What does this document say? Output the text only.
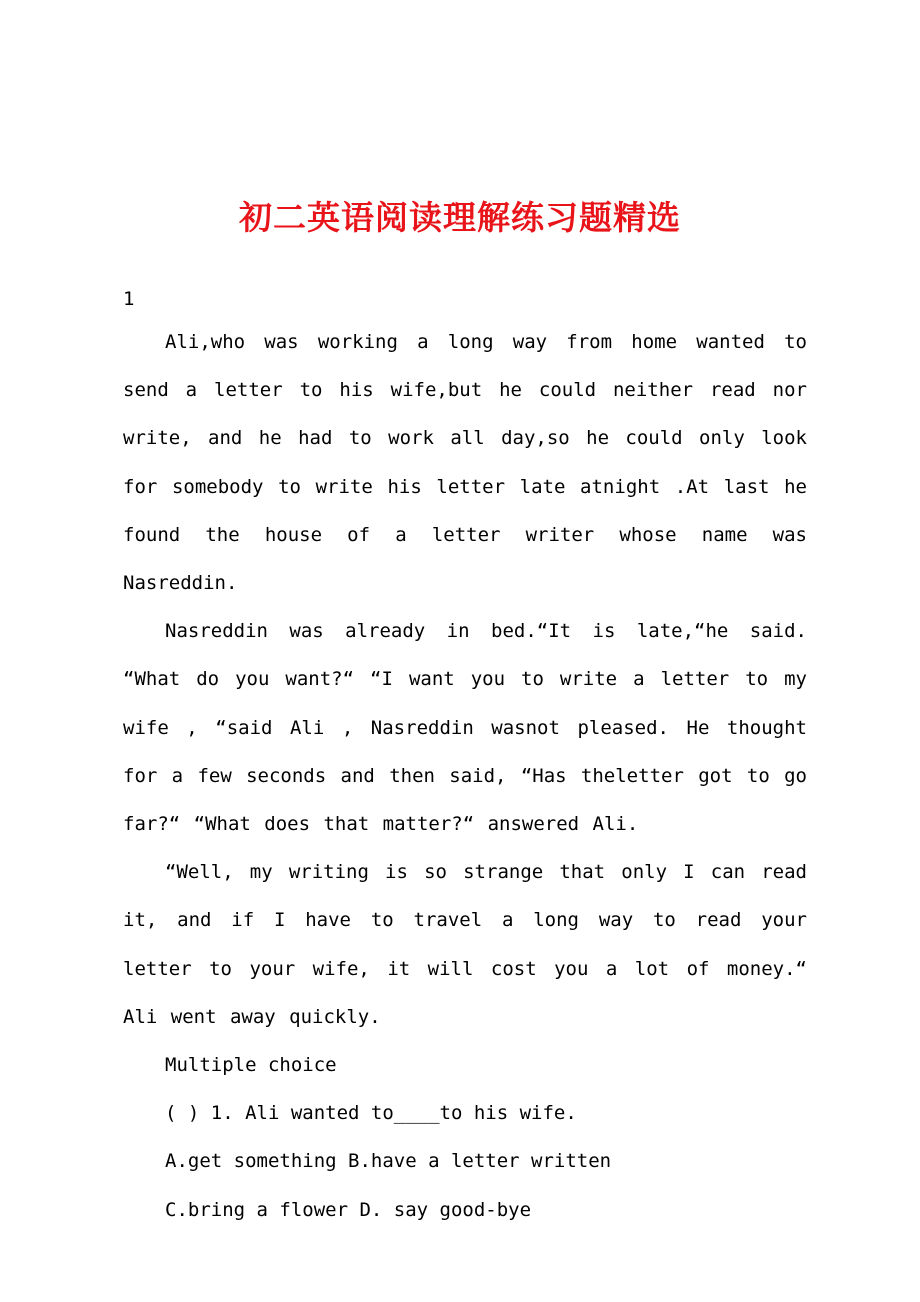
初二英语阅读理解练习题精选

1

Ali,who was working a long way from home wanted to send a letter to his wife,but he could neither read nor write, and he had to work all day,so he could only look for somebody to write his letter late atnight .At last he found the house of a letter writer whose name was Nasreddin.

Nasreddin was already in bed.“It is late,“he said. “What do you want?“ “I want you to write a letter to my wife , “said Ali , Nasreddin wasnot pleased. He thought for a few seconds and then said, “Has theletter got to go far?“ “What does that matter?“ answered Ali.

“Well, my writing is so strange that only I can read it, and if I have to travel a long way to read your letter to your wife, it will cost you a lot of money.“ Ali went away quickly.

Multiple choice

( ) 1. Ali wanted to____to his wife.

A.get something B.have a letter written

C.bring a flower D. say good-bye
